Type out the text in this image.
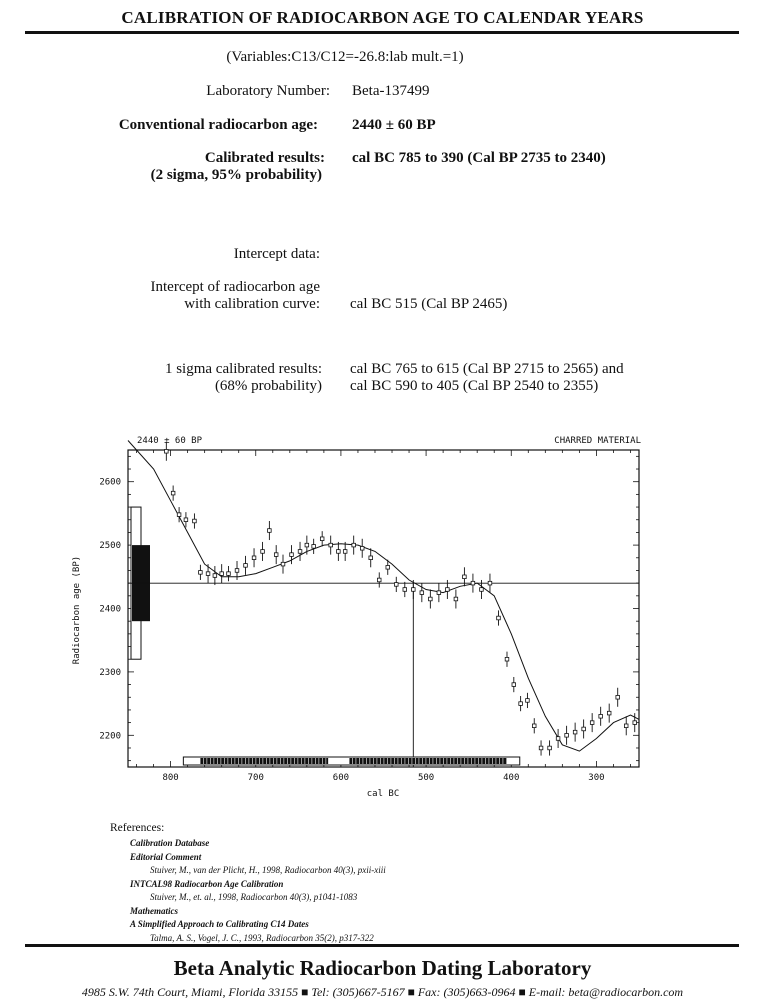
CALIBRATION OF RADIOCARBON AGE TO CALENDAR YEARS
(Variables:C13/C12=-26.8:lab mult.=1)
Laboratory Number: Beta-137499
Conventional radiocarbon age: 2440 ± 60 BP
Calibrated results:
(2 sigma, 95% probability)
cal BC 785 to 390 (Cal BP 2735 to 2340)
Intercept data:
Intercept of radiocarbon age
with calibration curve: cal BC 515 (Cal BP 2465)
1 sigma calibrated results:
(68% probability)
cal BC 765 to 615 (Cal BP 2715 to 2565) and
cal BC 590 to 405 (Cal BP 2540 to 2355)
2440 ± 60 BP	CHARRED MATERIAL
800	700	600	500	400	300
2200
2300
2400
2500
2600
Radiocarbon age (BP)
cal BC
References:
Calibration Database
Editorial Comment
Stuiver, M., van der Plicht, H., 1998, Radiocarbon 40(3), pxii-xiii
INTCAL98 Radiocarbon Age Calibration
Stuiver, M., et. al., 1998, Radiocarbon 40(3), p1041-1083
Mathematics
A Simplified Approach to Calibrating C14 Dates
Talma, A. S., Vogel, J. C., 1993, Radiocarbon 35(2), p317-322
Beta Analytic Radiocarbon Dating Laboratory
4985 S.W. 74th Court, Miami, Florida 33155 ■ Tel: (305)667-5167 ■ Fax: (305)663-0964 ■ E-mail: beta@radiocarbon.com
